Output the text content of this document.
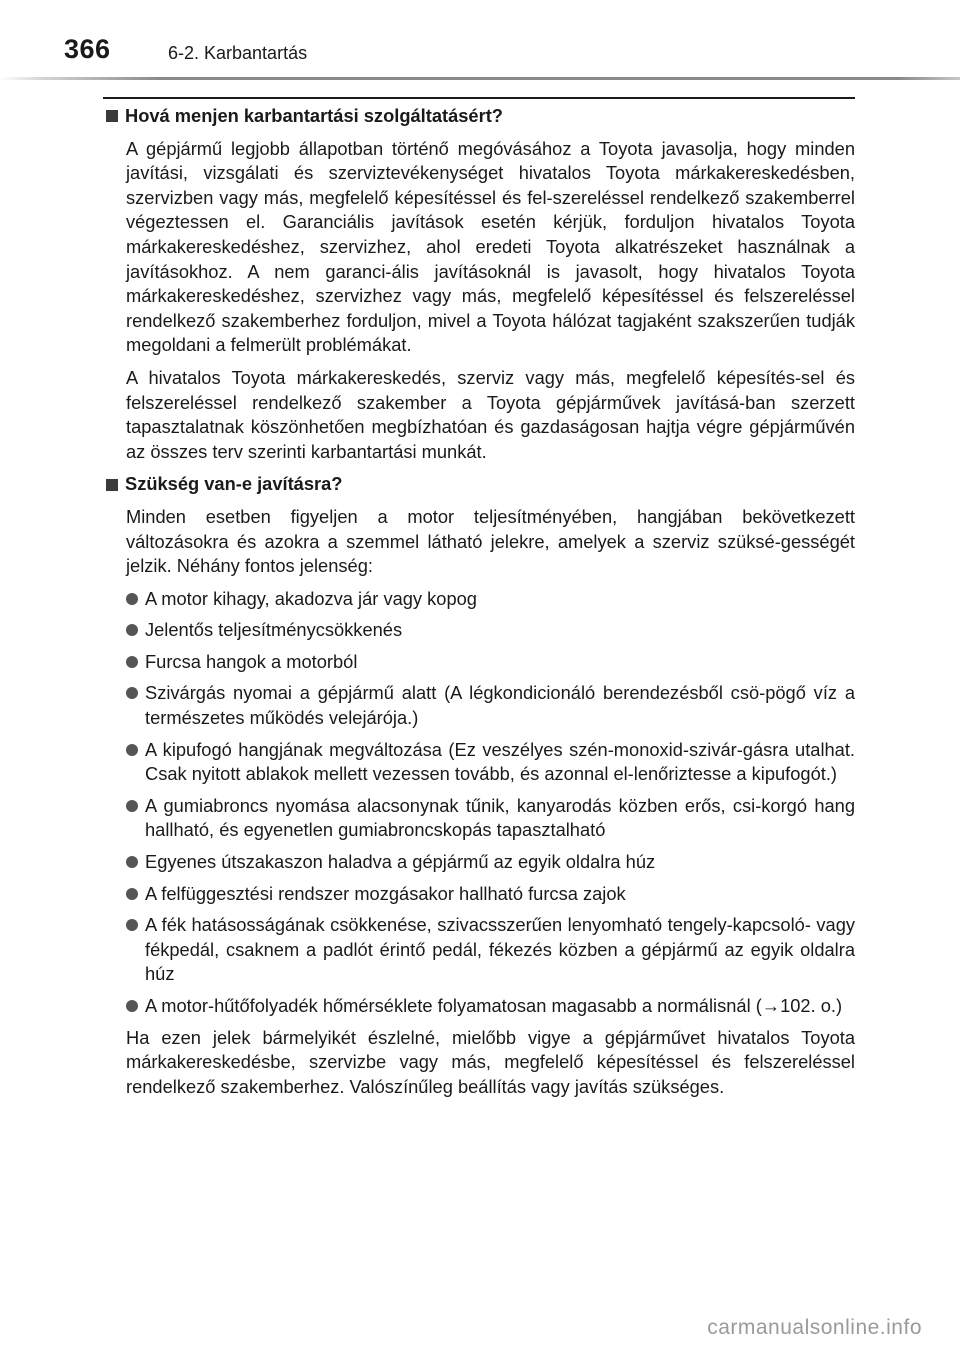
366	6-2. Karbantartás
Hová menjen karbantartási szolgáltatásért?

A gépjármű legjobb állapotban történő megóvásához a Toyota javasolja, hogy minden javítási, vizsgálati és szerviztevékenységet hivatalos Toyota márkakereskedésben, szervizben vagy más, megfelelő képesítéssel és fel-szereléssel rendelkező szakemberrel végeztessen el. Garanciális javítások esetén kérjük, forduljon hivatalos Toyota márkakereskedéshez, szervizhez, ahol eredeti Toyota alkatrészeket használnak a javításokhoz. A nem garanci-ális javításoknál is javasolt, hogy hivatalos Toyota márkakereskedéshez, szervizhez vagy más, megfelelő képesítéssel és felszereléssel rendelkező szakemberhez forduljon, mivel a Toyota hálózat tagjaként szakszerűen tudják megoldani a felmerült problémákat.

A hivatalos Toyota márkakereskedés, szerviz vagy más, megfelelő képesítés-sel és felszereléssel rendelkező szakember a Toyota gépjárművek javításá-ban szerzett tapasztalatnak köszönhetően megbízhatóan és gazdaságosan hajtja végre gépjárművén az összes terv szerinti karbantartási munkát.

Szükség van-e javításra?

Minden esetben figyeljen a motor teljesítményében, hangjában bekövetkezett változásokra és azokra a szemmel látható jelekre, amelyek a szerviz szüksé-gességét jelzik. Néhány fontos jelenség:

A motor kihagy, akadozva jár vagy kopog
Jelentős teljesítménycsökkenés
Furcsa hangok a motorból
Szivárgás nyomai a gépjármű alatt (A légkondicionáló berendezésből csö-pögő víz a természetes működés velejárója.)
A kipufogó hangjának megváltozása (Ez veszélyes szén-monoxid-szivár-gásra utalhat. Csak nyitott ablakok mellett vezessen tovább, és azonnal el-lenőriztesse a kipufogót.)
A gumiabroncs nyomása alacsonynak tűnik, kanyarodás közben erős, csi-korgó hang hallható, és egyenetlen gumiabroncskopás tapasztalható
Egyenes útszakaszon haladva a gépjármű az egyik oldalra húz
A felfüggesztési rendszer mozgásakor hallható furcsa zajok
A fék hatásosságának csökkenése, szivacsszerűen lenyomható tengely-kapcsoló- vagy fékpedál, csaknem a padlót érintő pedál, fékezés közben a gépjármű az egyik oldalra húz
A motor-hűtőfolyadék hőmérséklete folyamatosan magasabb a normálisnál (→102. o.)

Ha ezen jelek bármelyikét észlelné, mielőbb vigye a gépjárművet hivatalos Toyota márkakereskedésbe, szervizbe vagy más, megfelelő képesítéssel és felszereléssel rendelkező szakemberhez. Valószínűleg beállítás vagy javítás szükséges.

carmanualsonline.info
